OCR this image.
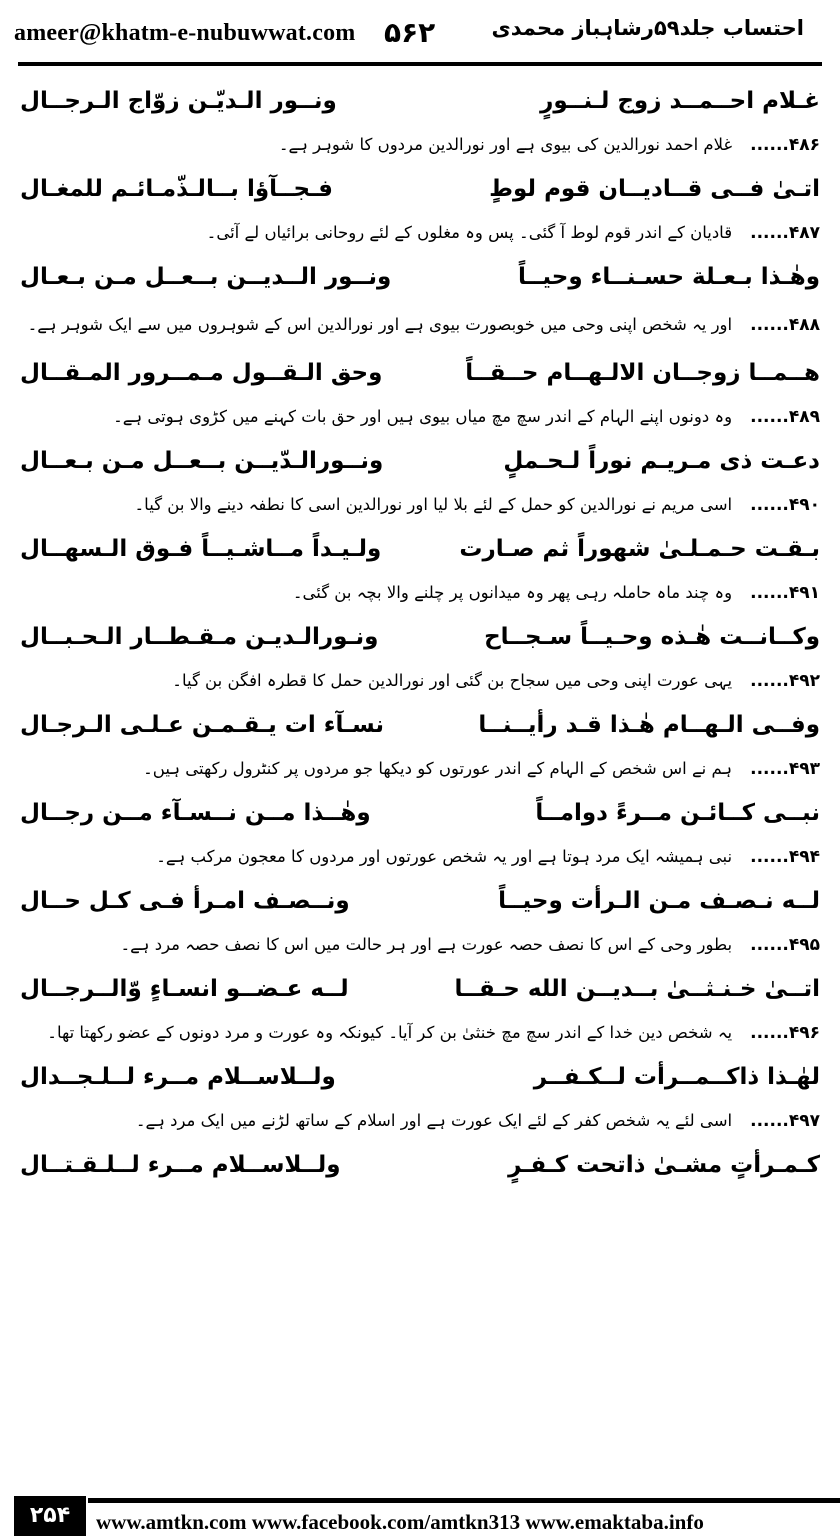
ameer@khatm-e-nubuwwat.com ۵۶۲	احتساب جلد۵۹رشاہباز محمدی
غـلام احــمــد زوج لـنــورٍ
ونــور الـدیّـن زوّاج الـرجــال
۴۸۶......
غلام احمد نورالدین کی بیوی ہے اور نورالدین مردوں کا شوہر ہے۔
اتـیٰ فــی قــادیــان قوم لوطٍ
فـجــآؤا بــالـذّمـائـم للمغـال
۴۸۷......
قادیان کے اندر قوم لوط آ گئی۔ پس وہ مغلوں کے لئے روحانی برائیاں لے آئی۔
وهٰـذا بـعـلة حسـنــاء وحيــاً
ونــور الــديــن بــعــل مـن بـعـال
۴۸۸......
اور یہ شخص اپنی وحی میں خوبصورت بیوی ہے اور نورالدین اس کے شوہروں میں سے ایک شوہر ہے۔
هــمــا زوجــان الالـهــام حــقــاً
وحق الـقــول مـمــرور المـقــال
۴۸۹......
وہ دونوں اپنے الہام کے اندر سچ مچ میاں بیوی ہیں اور حق بات کہنے میں کڑوی ہوتی ہے۔
دعـت ذی مـریـم نوراً لـحـملٍ
ونــورالـدّیــن بــعــل مـن بـعــال
۴۹۰......
اسی مریم نے نورالدین کو حمل کے لئے بلا لیا اور نورالدین اسی کا نطفہ دینے والا بن گیا۔
بـقـت حـمـلـیٰ شهوراً ثم صـارت
ولـيـداً مــاشـيــاً فـوق الـسهــال
۴۹۱......
وہ چند ماہ حاملہ رہی پھر وہ میدانوں پر چلنے والا بچہ بن گئی۔
وكــانــت هٰـذه وحـيــاً سـجــاح
ونـورالـديـن مـقـطــار الـحـبــال
۴۹۲......
یہی عورت اپنی وحی میں سجاح بن گئی اور نورالدین حمل کا قطرہ افگن بن گیا۔
وفــی الـهــام هٰـذا قـد رأيــنــا
نسـآء ات يـقـمـن عـلـى الـرجـال
۴۹۳......
ہم نے اس شخص کے الہام کے اندر عورتوں کو دیکھا جو مردوں پر کنٹرول رکھتی ہیں۔
نبــی كــائـن مــرءً دوامــاً
وهٰــذا مــن نــسـآء مــن رجــال
۴۹۴......
نبی ہمیشہ ایک مرد ہوتا ہے اور یہ شخص عورتوں اور مردوں کا معجون مرکب ہے۔
لــه نـصـف مـن الـرأت وحيــاً
ونــصـف امـرأ فـی كـل حــال
۴۹۵......
بطور وحی کے اس کا نصف حصہ عورت ہے اور ہر حالت میں اس کا نصف حصہ مرد ہے۔
اتــیٰ خـنـثــیٰ بــديــن الله حـقــا
لــه عـضــو انسـاءٍ وّالــرجــال
۴۹۶......
یہ شخص دین خدا کے اندر سچ مچ خنثیٰ بن کر آیا۔ کیونکہ وہ عورت و مرد دونوں کے عضو رکھتا تھا۔
لهٰـذا ذاكــمــرأت لــكـفــر
ولــلاســلام مــرء لــلـجــدال
۴۹۷......
اسی لئے یہ شخص کفر کے لئے ایک عورت ہے اور اسلام کے ساتھ لڑنے میں ایک مرد ہے۔
كـمـرأتٍ مشـیٰ ذاتحت كـفـرٍ
ولــلاســلام مــرء لــلـقـتــال
۲۵۴	www.amtkn.com www.facebook.com/amtkn313 www.emaktaba.info
